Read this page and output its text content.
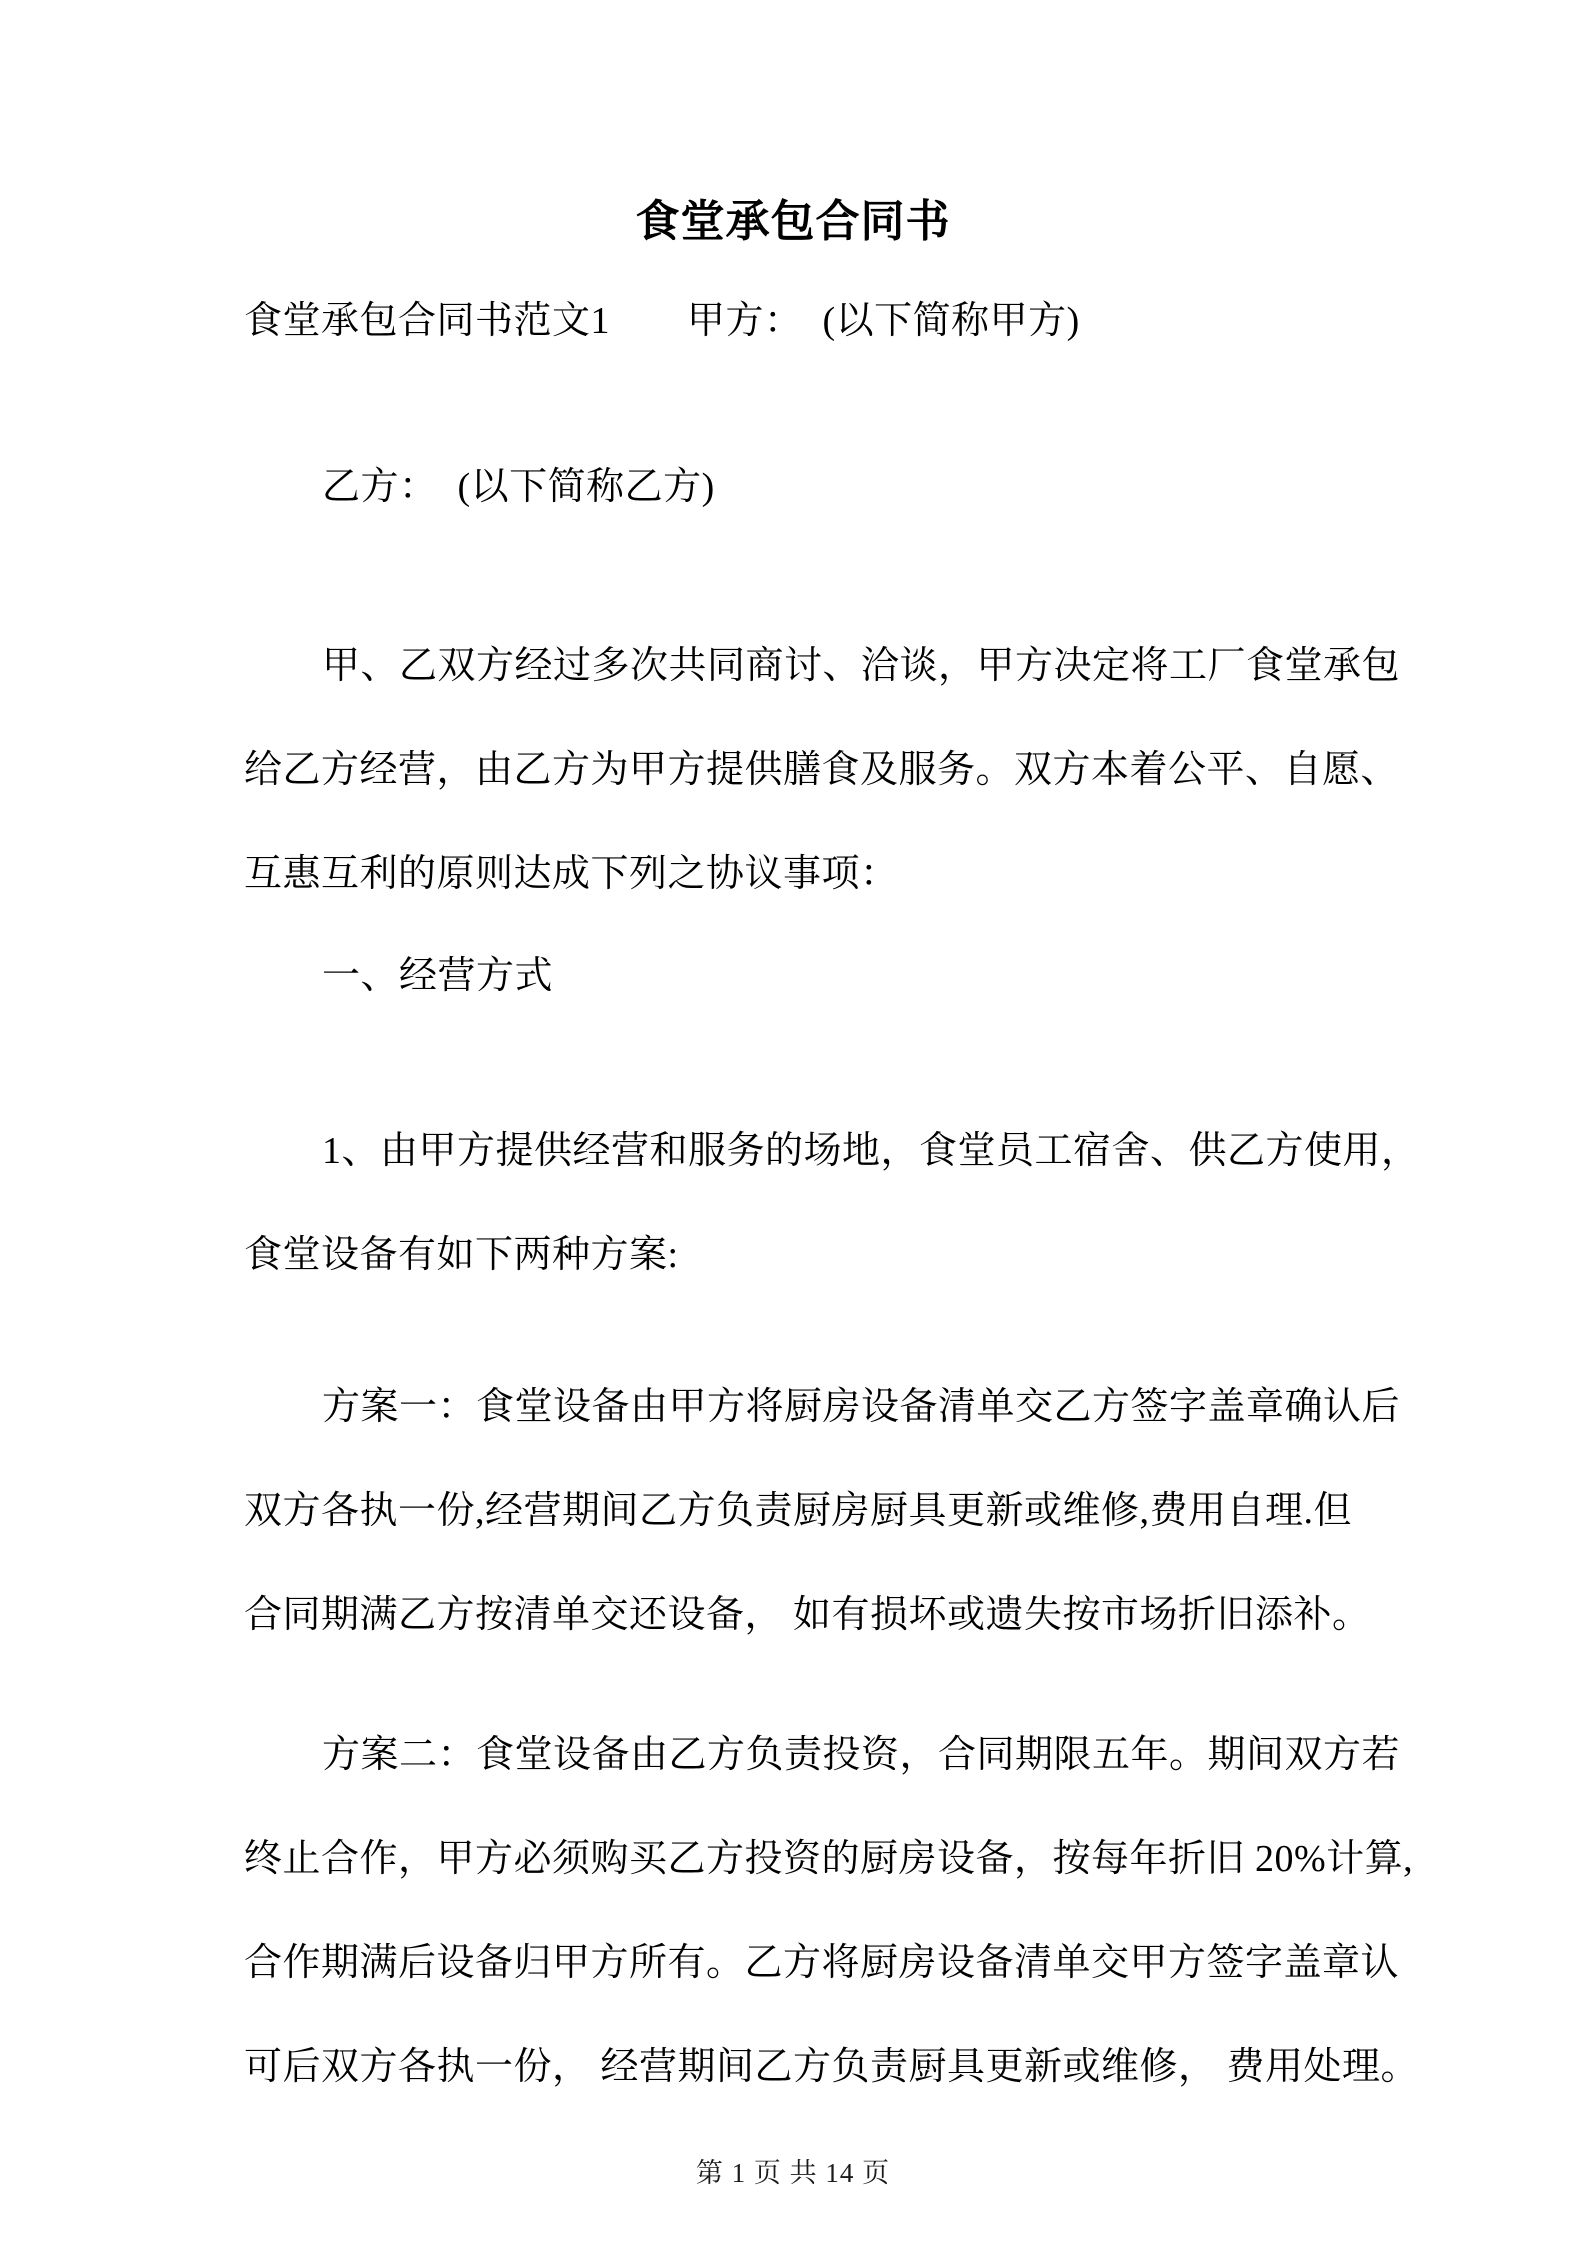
食堂承包合同书
食堂承包合同书范文1　　甲方：  (以下简称甲方)
乙方：  (以下简称乙方)
甲、乙双方经过多次共同商讨、洽谈，甲方决定将工厂食堂承包
给乙方经营，由乙方为甲方提供膳食及服务。双方本着公平、自愿、
互惠互利的原则达成下列之协议事项：
一、经营方式
1、由甲方提供经营和服务的场地，食堂员工宿舍、供乙方使用，
食堂设备有如下两种方案:
方案一：食堂设备由甲方将厨房设备清单交乙方签字盖章确认后
双方各执一份,经营期间乙方负责厨房厨具更新或维修,费用自理.但
合同期满乙方按清单交还设备， 如有损坏或遗失按市场折旧添补。
方案二：食堂设备由乙方负责投资，合同期限五年。期间双方若
终止合作，甲方必须购买乙方投资的厨房设备，按每年折旧 20%计算,
合作期满后设备归甲方所有。乙方将厨房设备清单交甲方签字盖章认
可后双方各执一份， 经营期间乙方负责厨具更新或维修， 费用处理。
第 1 页 共 14 页
